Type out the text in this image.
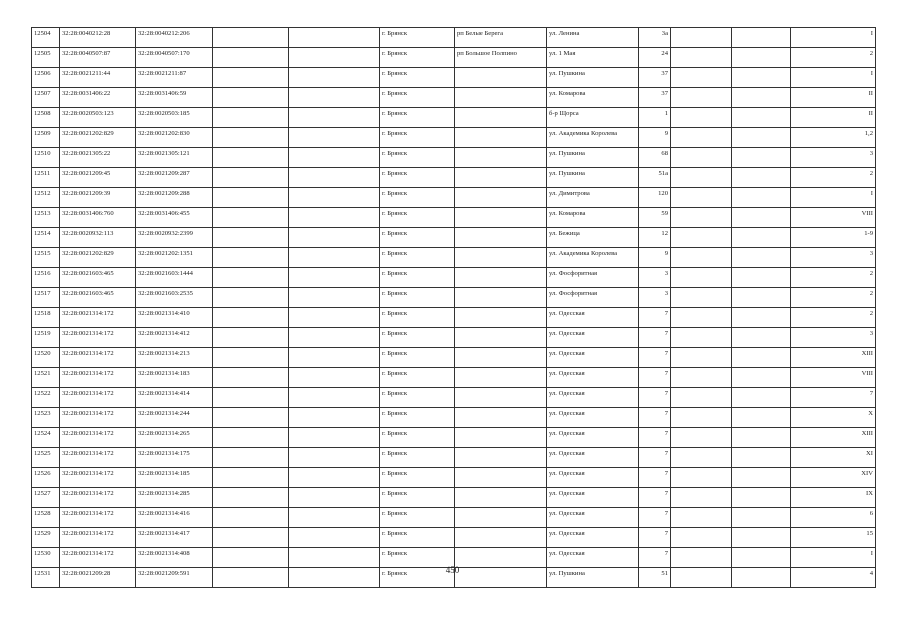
12504	32:28:0040212:28	32:28:0040212:206			г. Брянск	рп Белые Берега	ул. Ленина	3а			I
12505	32:28:0040507:87	32:28:0040507:170			г. Брянск	рп Большое Полпино	ул. 1 Мая	24			2
12506	32:28:0021211:44	32:28:0021211:87			г. Брянск		ул. Пушкина	37			I
12507	32:28:0031406:22	32:28:0031406:59			г. Брянск		ул. Комарова	37			II
12508	32:28:0020503:123	32:28:0020503:185			г. Брянск		б-р Щорса	1			II
12509	32:28:0021202:829	32:28:0021202:830			г. Брянск		ул. Академика Королева	9			1,2
12510	32:28:0021305:22	32:28:0021305:121			г. Брянск		ул. Пушкина	68			3
12511	32:28:0021209:45	32:28:0021209:287			г. Брянск		ул. Пушкина	51а			2
12512	32:28:0021209:39	32:28:0021209:288			г. Брянск		ул. Димитрова	120			I
12513	32:28:0031406:760	32:28:0031406:455			г. Брянск		ул. Комарова	59			VIII
12514	32:28:0020932:113	32:28:0020932:2399			г. Брянск		ул. Бежица	12			1-9
12515	32:28:0021202:829	32:28:0021202:1351			г. Брянск		ул. Академика Королева	9			3
12516	32:28:0021603:465	32:28:0021603:1444			г. Брянск		ул. Фосфоритная	3			2
12517	32:28:0021603:465	32:28:0021603:2535			г. Брянск		ул. Фосфоритная	3			2
12518	32:28:0021314:172	32:28:0021314:410			г. Брянск		ул. Одесская	7			2
12519	32:28:0021314:172	32:28:0021314:412			г. Брянск		ул. Одесская	7			3
12520	32:28:0021314:172	32:28:0021314:213			г. Брянск		ул. Одесская	7			XIII
12521	32:28:0021314:172	32:28:0021314:183			г. Брянск		ул. Одесская	7			VIII
12522	32:28:0021314:172	32:28:0021314:414			г. Брянск		ул. Одесская	7			7
12523	32:28:0021314:172	32:28:0021314:244			г. Брянск		ул. Одесская	7			X
12524	32:28:0021314:172	32:28:0021314:265			г. Брянск		ул. Одесская	7			XIII
12525	32:28:0021314:172	32:28:0021314:175			г. Брянск		ул. Одесская	7			XI
12526	32:28:0021314:172	32:28:0021314:185			г. Брянск		ул. Одесская	7			XIV
12527	32:28:0021314:172	32:28:0021314:285			г. Брянск		ул. Одесская	7			IX
12528	32:28:0021314:172	32:28:0021314:416			г. Брянск		ул. Одесская	7			6
12529	32:28:0021314:172	32:28:0021314:417			г. Брянск		ул. Одесская	7			15
12530	32:28:0021314:172	32:28:0021314:408			г. Брянск		ул. Одесская	7			I
12531	32:28:0021209:28	32:28:0021209:591			г. Брянск		ул. Пушкина	51			4
450
